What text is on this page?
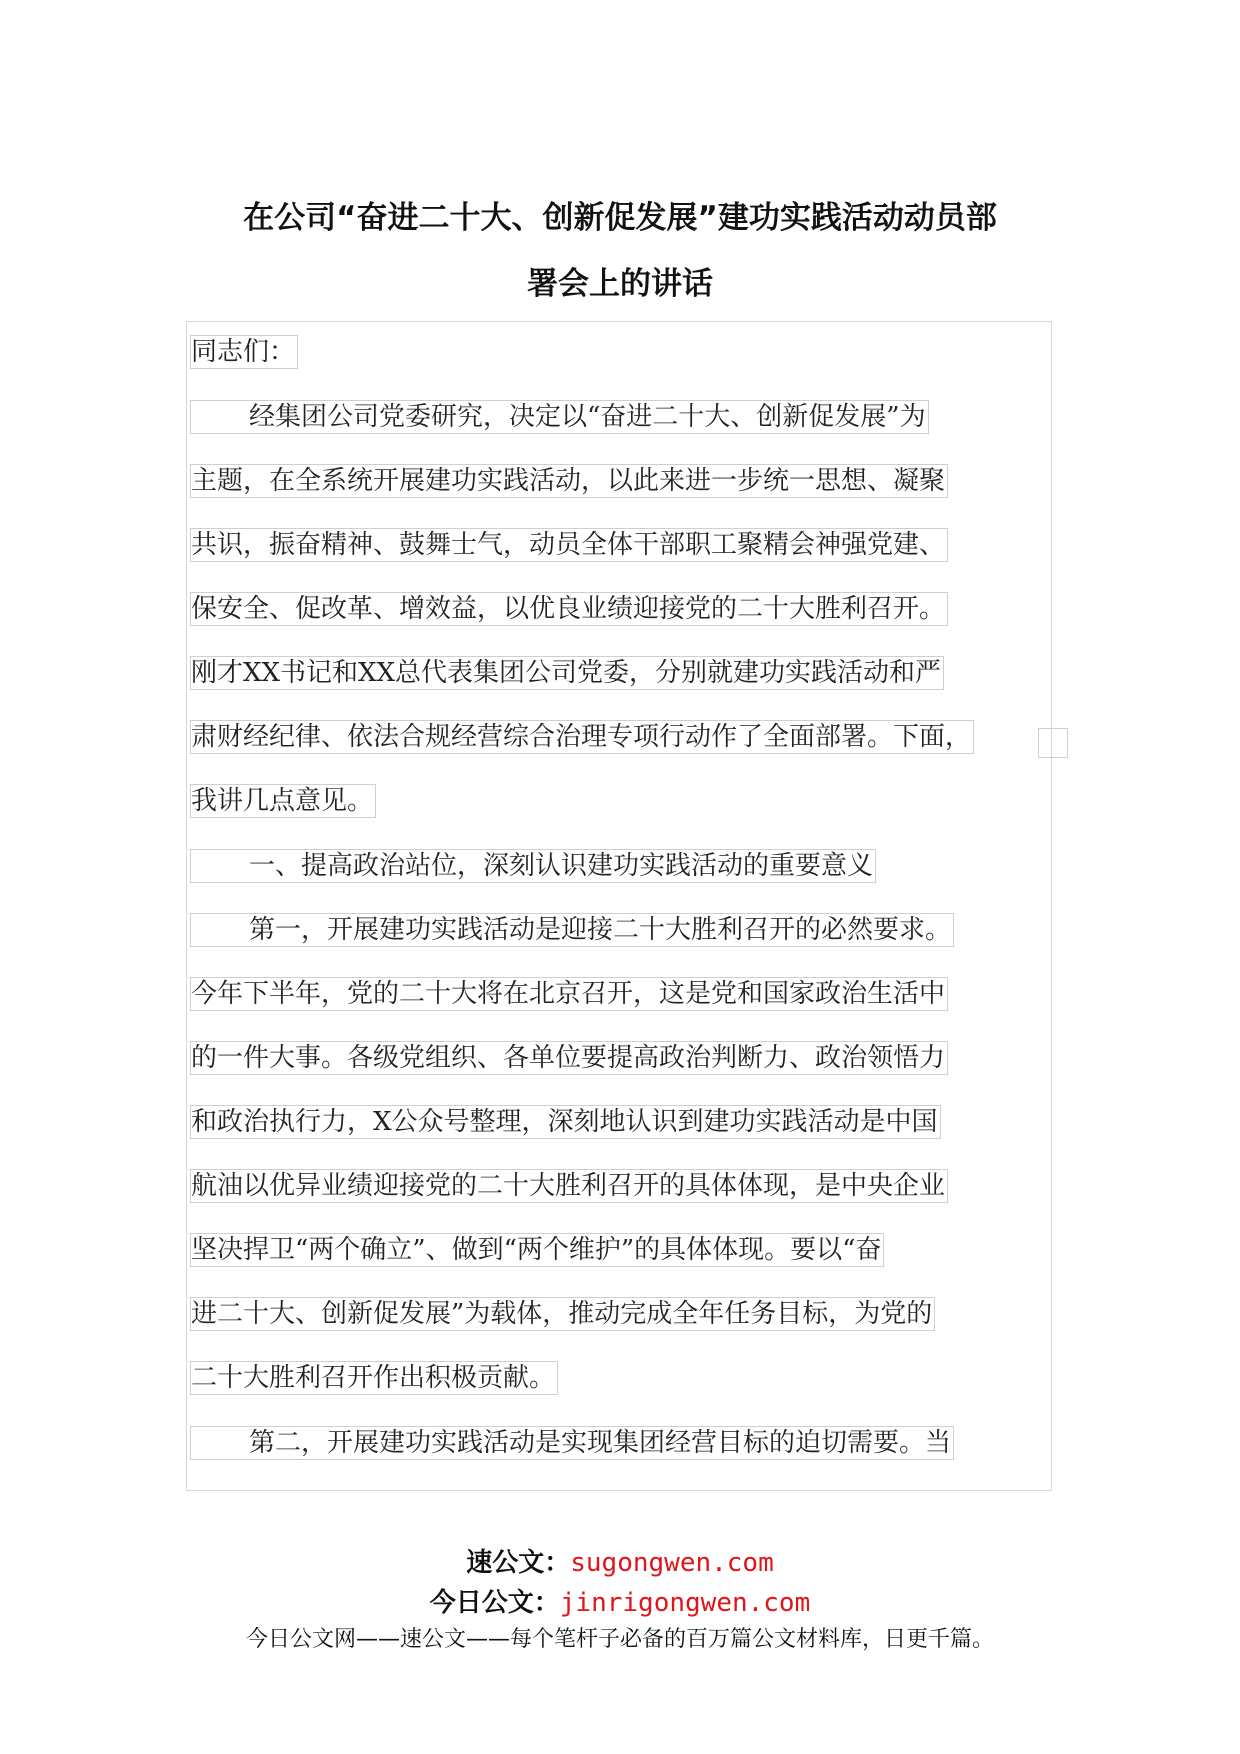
在公司“奋进二十大、创新促发展”建功实践活动动员部
署会上的讲话
同志们：
经集团公司党委研究，决定以“奋进二十大、创新促发展”为
主题，在全系统开展建功实践活动，以此来进一步统一思想、凝聚
共识，振奋精神、鼓舞士气，动员全体干部职工聚精会神强党建、
保安全、促改革、增效益，以优良业绩迎接党的二十大胜利召开。
刚才XX书记和XX总代表集团公司党委，分别就建功实践活动和严
肃财经纪律、依法合规经营综合治理专项行动作了全面部署。下面，
我讲几点意见。
一、提高政治站位，深刻认识建功实践活动的重要意义
第一，开展建功实践活动是迎接二十大胜利召开的必然要求。
今年下半年，党的二十大将在北京召开，这是党和国家政治生活中
的一件大事。各级党组织、各单位要提高政治判断力、政治领悟力
和政治执行力，X公众号整理，深刻地认识到建功实践活动是中国
航油以优异业绩迎接党的二十大胜利召开的具体体现，是中央企业
坚决捍卫“两个确立”、做到“两个维护”的具体体现。要以“奋
进二十大、创新促发展”为载体，推动完成全年任务目标，为党的
二十大胜利召开作出积极贡献。
第二，开展建功实践活动是实现集团经营目标的迫切需要。当
速公文：sugongwen.com
今日公文：jinrigongwen.com
今日公文网——速公文——每个笔杆子必备的百万篇公文材料库，日更千篇。
